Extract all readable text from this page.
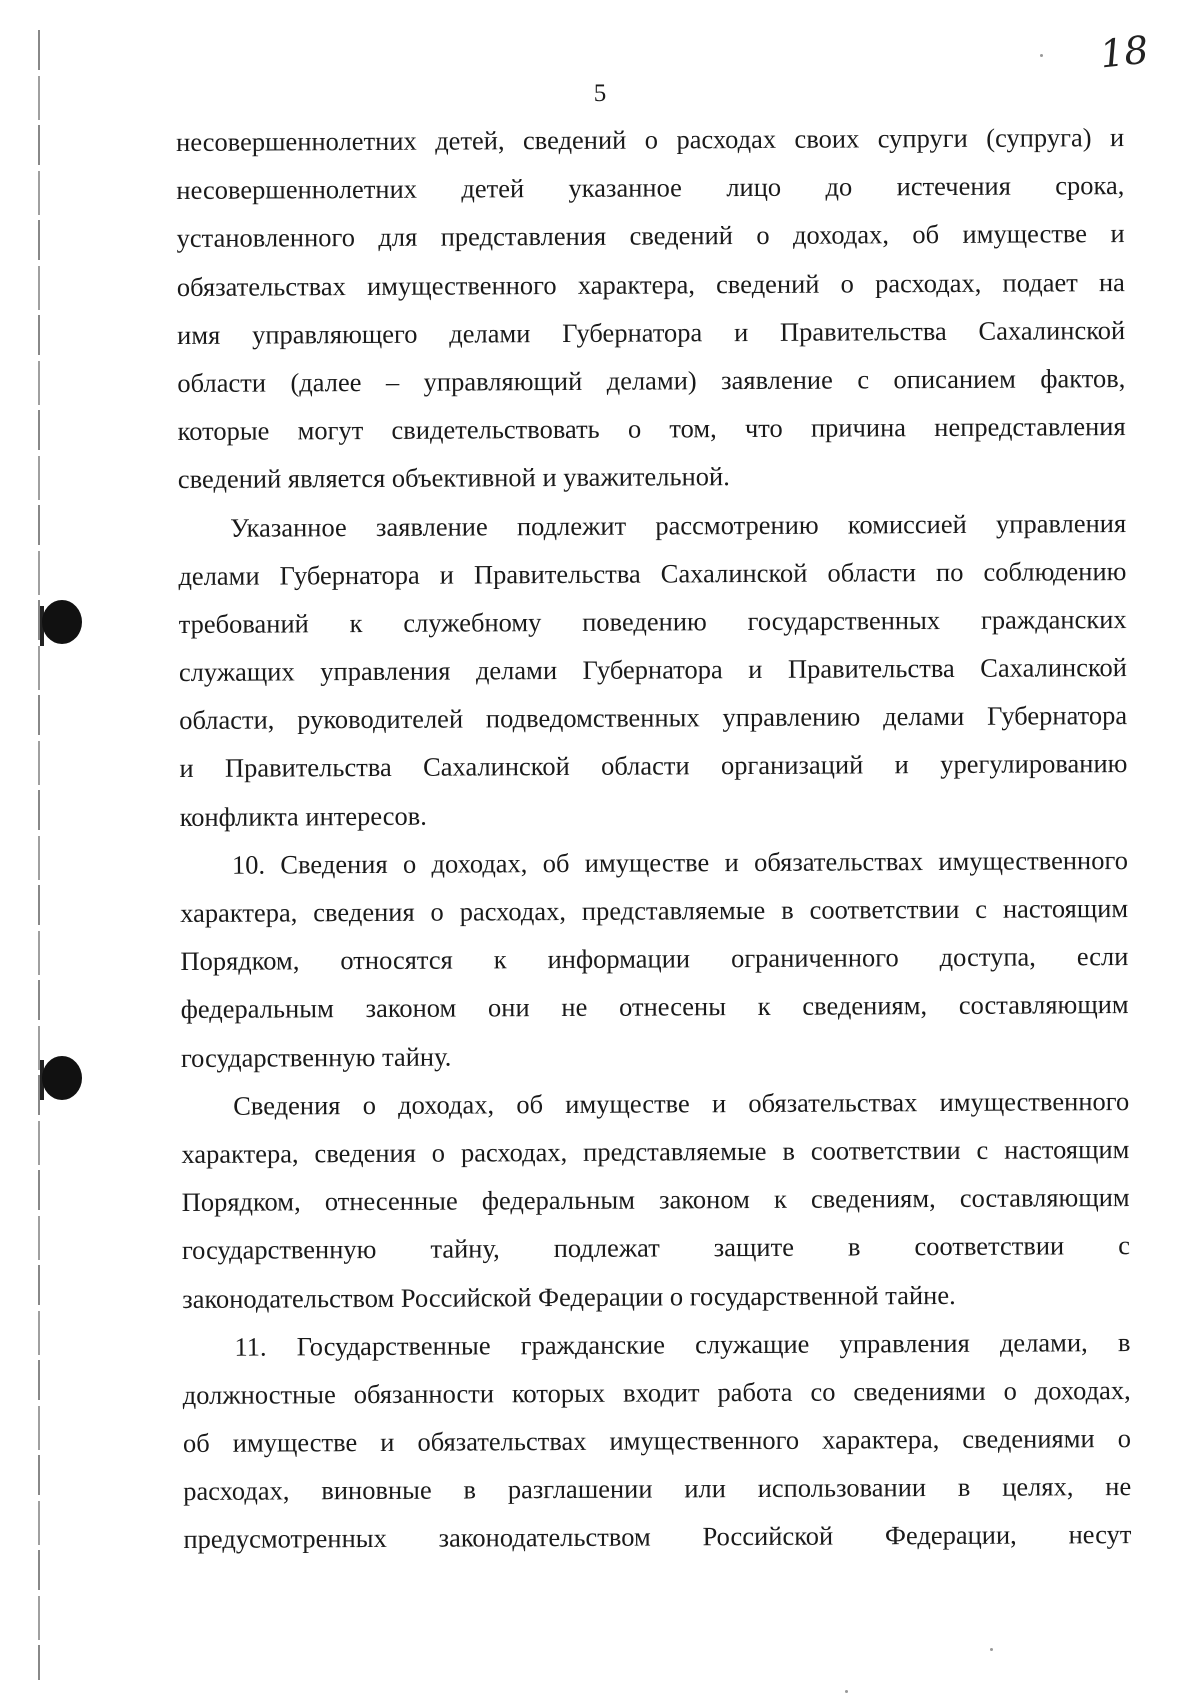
18
5
несовершеннолетних детей, сведений о расходах своих супруги (супруга) и
несовершеннолетних детей указанное лицо до истечения срока,
установленного для представления сведений о доходах, об имуществе и
обязательствах имущественного характера, сведений о расходах, подает на
имя управляющего делами Губернатора и Правительства Сахалинской
области (далее – управляющий делами) заявление с описанием фактов,
которые могут свидетельствовать о том, что причина непредставления
сведений является объективной и уважительной.
Указанное заявление подлежит рассмотрению комиссией управления
делами Губернатора и Правительства Сахалинской области по соблюдению
требований к служебному поведению государственных гражданских
служащих управления делами Губернатора и Правительства Сахалинской
области, руководителей подведомственных управлению делами Губернатора
и Правительства Сахалинской области организаций и урегулированию
конфликта интересов.
10. Сведения о доходах, об имуществе и обязательствах имущественного
характера, сведения о расходах, представляемые в соответствии с настоящим
Порядком, относятся к информации ограниченного доступа, если
федеральным законом они не отнесены к сведениям, составляющим
государственную тайну.
Сведения о доходах, об имуществе и обязательствах имущественного
характера, сведения о расходах, представляемые в соответствии с настоящим
Порядком, отнесенные федеральным законом к сведениям, составляющим
государственную тайну, подлежат защите в соответствии с
законодательством Российской Федерации о государственной тайне.
11. Государственные гражданские служащие управления делами, в
должностные обязанности которых входит работа со сведениями о доходах,
об имуществе и обязательствах имущественного характера, сведениями о
расходах, виновные в разглашении или использовании в целях, не
предусмотренных законодательством Российской Федерации, несут
